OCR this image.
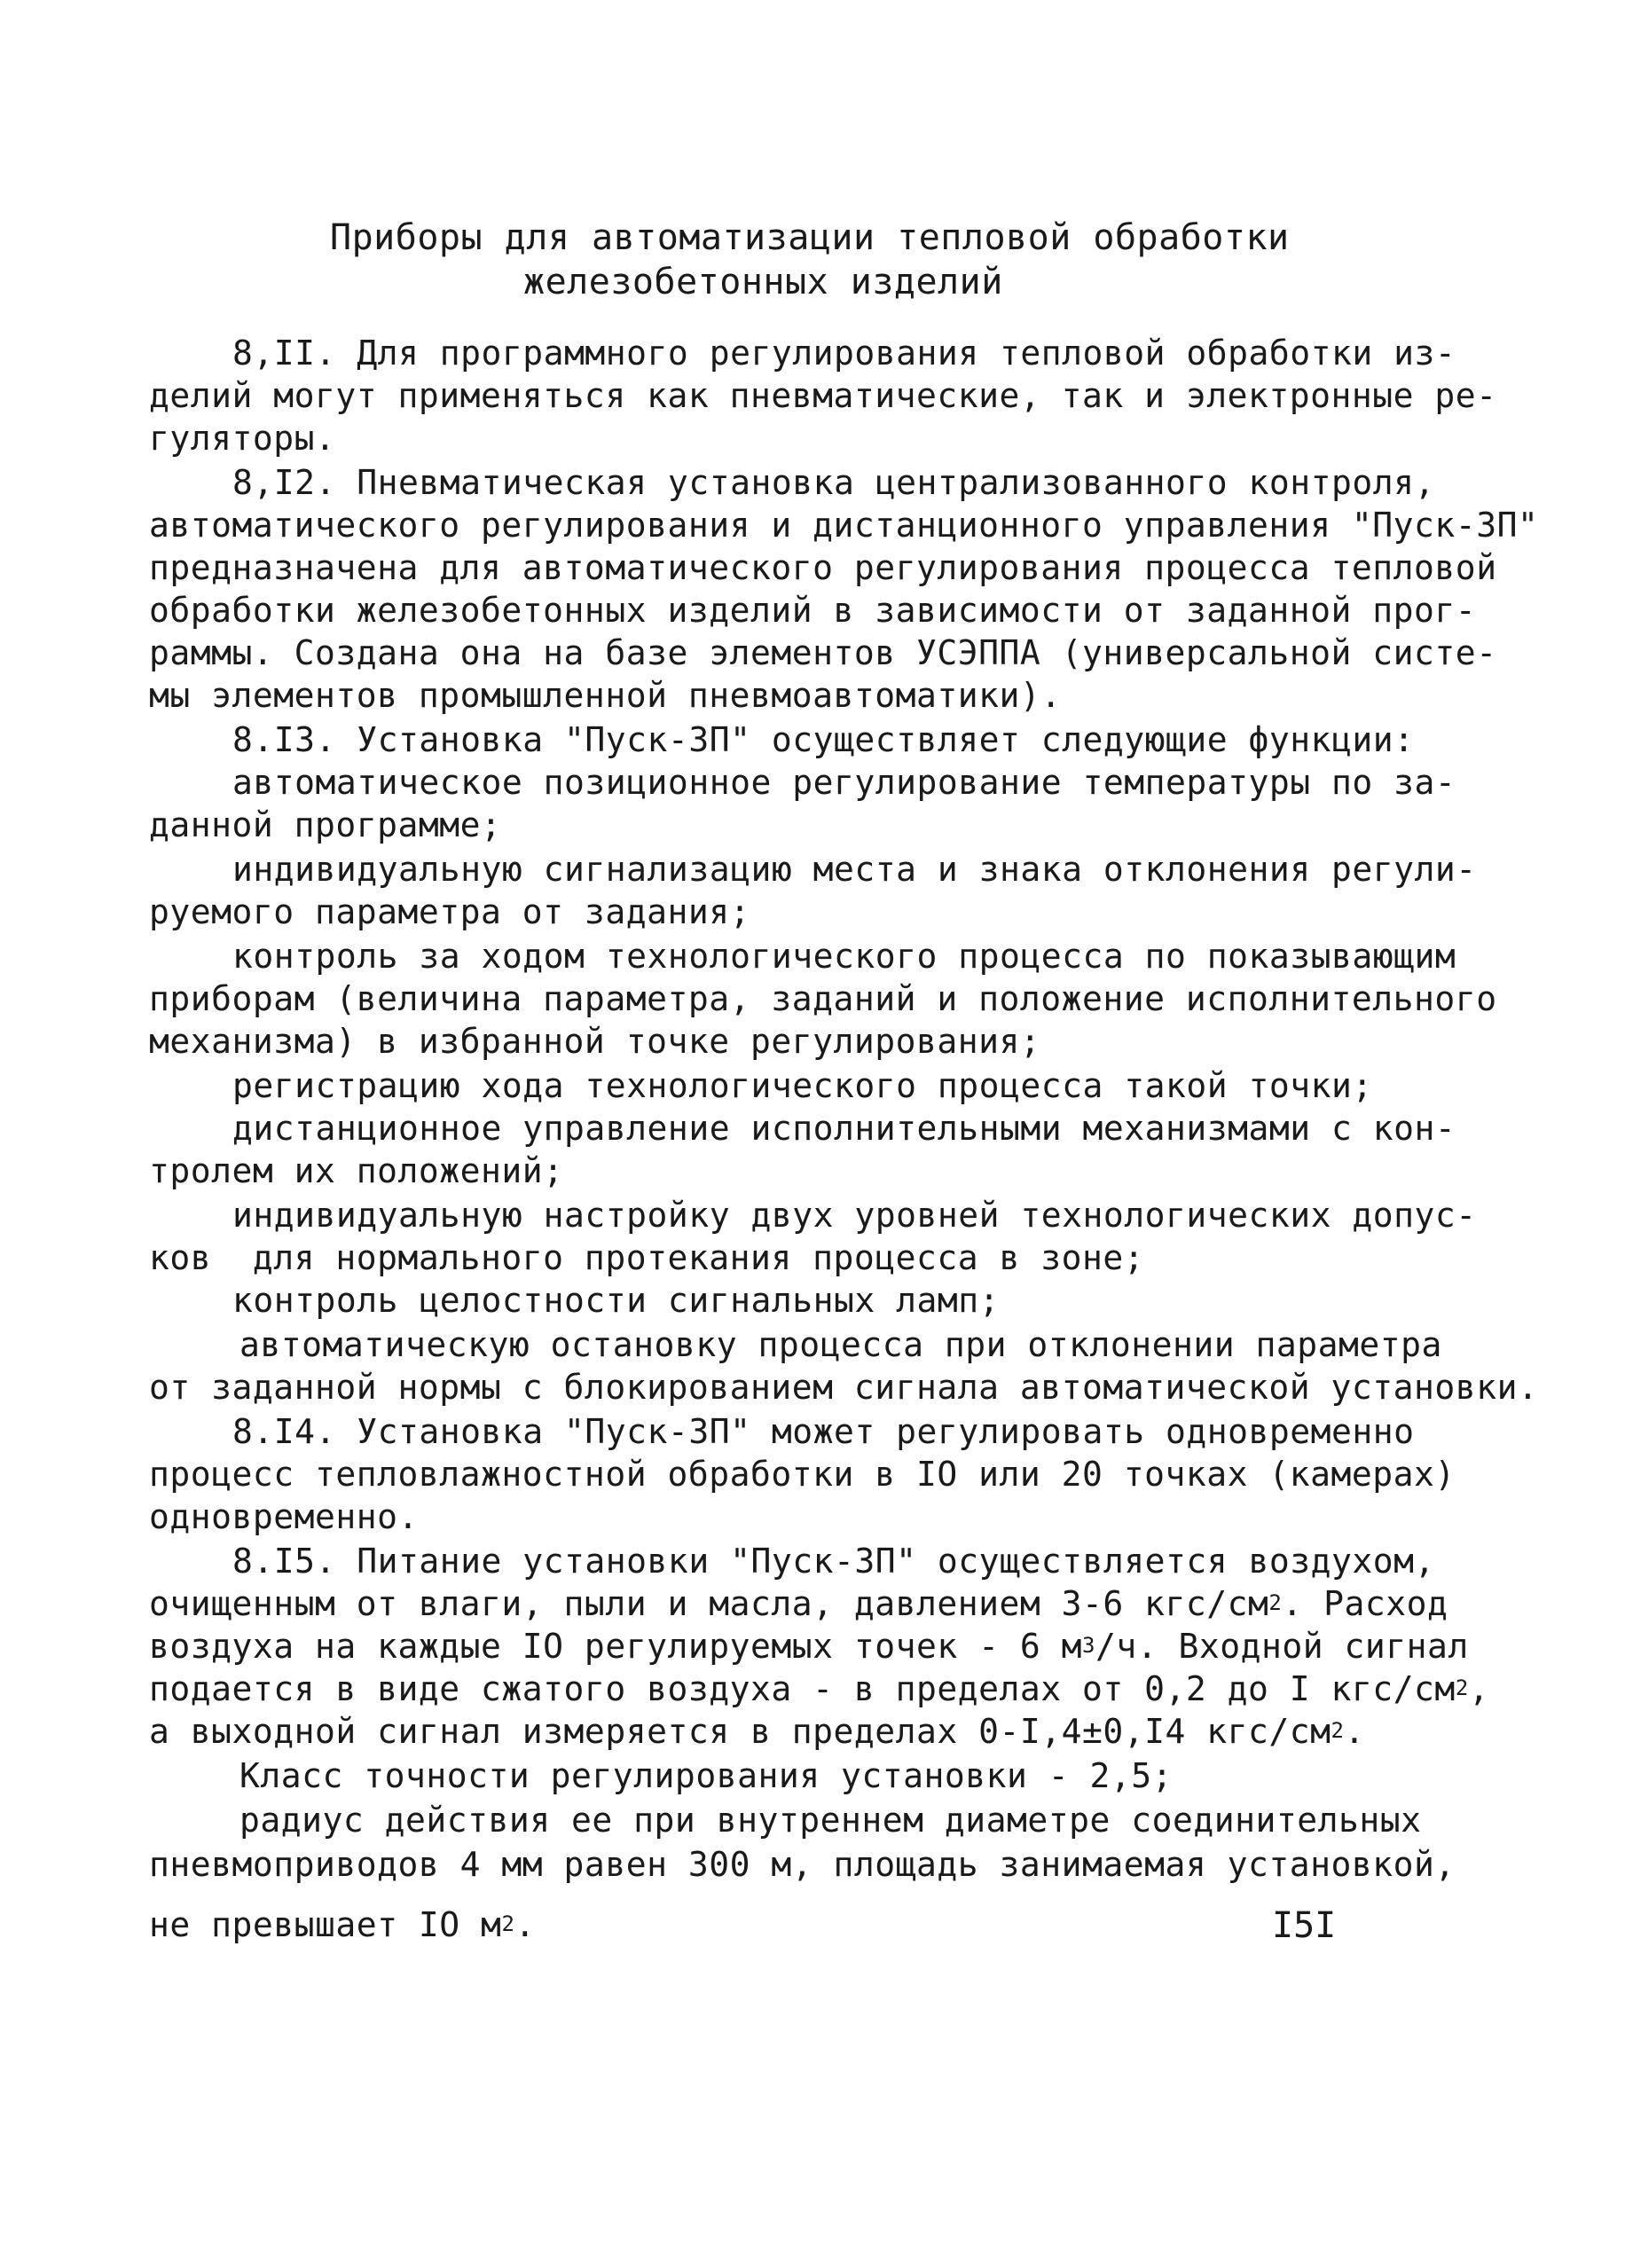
Приборы для автоматизации тепловой обработки
железобетонных изделий
8,II. Для программного регулирования тепловой обработки из-
делий могут применяться как пневматические, так и электронные ре-
гуляторы.
8,I2. Пневматическая установка централизованного контроля,
автоматического регулирования и дистанционного управления "Пуск-3П"
предназначена для автоматического регулирования процесса тепловой
обработки железобетонных изделий в зависимости от заданной прог-
раммы. Создана она на базе элементов УСЭППА (универсальной систе-
мы элементов промышленной пневмоавтоматики).
8.I3. Установка "Пуск-3П" осуществляет следующие функции:
автоматическое позиционное регулирование температуры по за-
данной программе;
индивидуальную сигнализацию места и знака отклонения регули-
руемого параметра от задания;
контроль за ходом технологического процесса по показывающим
приборам (величина параметра, заданий и положение исполнительного
механизма) в избранной точке регулирования;
регистрацию хода технологического процесса такой точки;
дистанционное управление исполнительными механизмами с кон-
тролем их положений;
индивидуальную настройку двух уровней технологических допус-
ков  для нормального протекания процесса в зоне;
контроль целостности сигнальных ламп;
автоматическую остановку процесса при отклонении параметра
от заданной нормы с блокированием сигнала автоматической установки.
8.I4. Установка "Пуск-3П" может регулировать одновременно
процесс тепловлажностной обработки в IO или 20 точках (камерах)
одновременно.
8.I5. Питание установки "Пуск-3П" осуществляется воздухом,
очищенным от влаги, пыли и масла, давлением 3-6 кгс/$см^2$. Расход
воздуха на каждые IO регулируемых точек - 6 $м^3/ч$. Входной сигнал
подается в виде сжатого воздуха - в пределах от 0,2 до I кгс/$см^2$,
а выходной сигнал измеряется в пределах 0-I,4±0,I4 кгс/$см^2$.
Класс точности регулирования установки - 2,5;
радиус действия ее при внутреннем диаметре соединительных
пневмоприводов 4 мм равен 300 м, площадь занимаемая установкой,
не превышает IO $м^2$.	I5I
